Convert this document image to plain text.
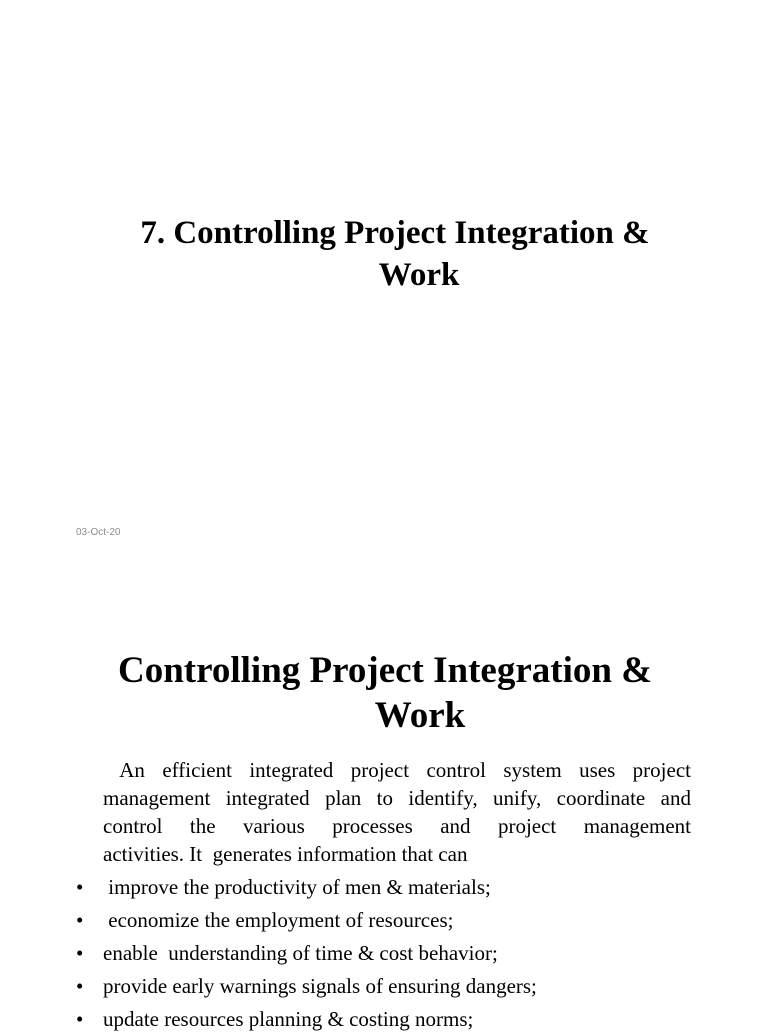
7. Controlling Project Integration &
Work
03-Oct-20
Controlling Project Integration &
Work
An efficient integrated project control system uses project
management integrated plan to identify, unify, coordinate and
control the various processes and project management
activities. It  generates information that can
• improve the productivity of men & materials;
• economize the employment of resources;
• enable  understanding of time & cost behavior;
• provide early warnings signals of ensuring dangers;
• update resources planning & costing norms;
